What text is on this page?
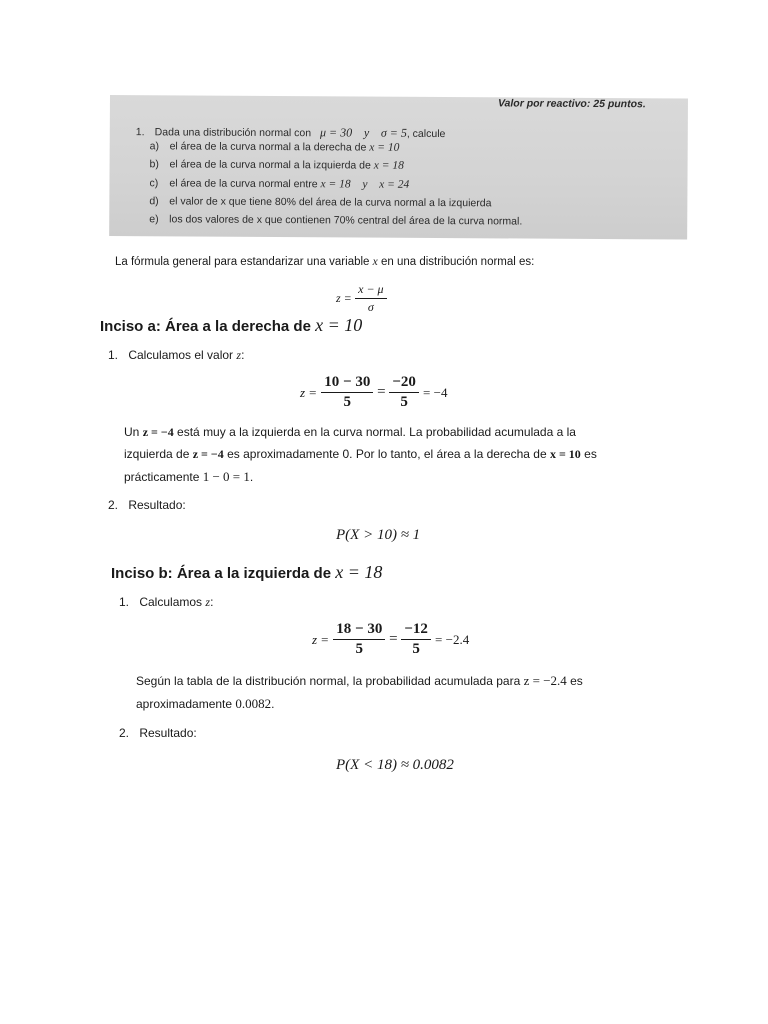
Valor por reactivo: 25 puntos.
1. Dada una distribución normal con μ = 30 y σ = 5, calcule
a) el área de la curva normal a la derecha de x = 10
b) el área de la curva normal a la izquierda de x = 18
c) el área de la curva normal entre x = 18 y x = 24
d) el valor de x que tiene 80% del área de la curva normal a la izquierda
e) los dos valores de x que contienen 70% central del área de la curva normal.
La fórmula general para estandarizar una variable x en una distribución normal es:
z =
$\frac{x - \mu}{\sigma}$
Inciso a: Área a la derecha de x = 10
1. Calculamos el valor z:
z =
$\frac{10 - 30}{5} = \frac{-20}{5}$
= −4
Un z = −4 está muy a la izquierda en la curva normal. La probabilidad acumulada a la
izquierda de z = −4 es aproximadamente 0. Por lo tanto, el área a la derecha de x = 10 es
prácticamente 1 − 0 = 1.
2. Resultado:
P(X > 10) ≈ 1
Inciso b: Área a la izquierda de x = 18
1. Calculamos z:
z =
$\frac{18 - 30}{5} = \frac{-12}{5}$
= −2.4
Según la tabla de la distribución normal, la probabilidad acumulada para z = −2.4 es
aproximadamente 0.0082.
2. Resultado:
P(X < 18) ≈ 0.0082
